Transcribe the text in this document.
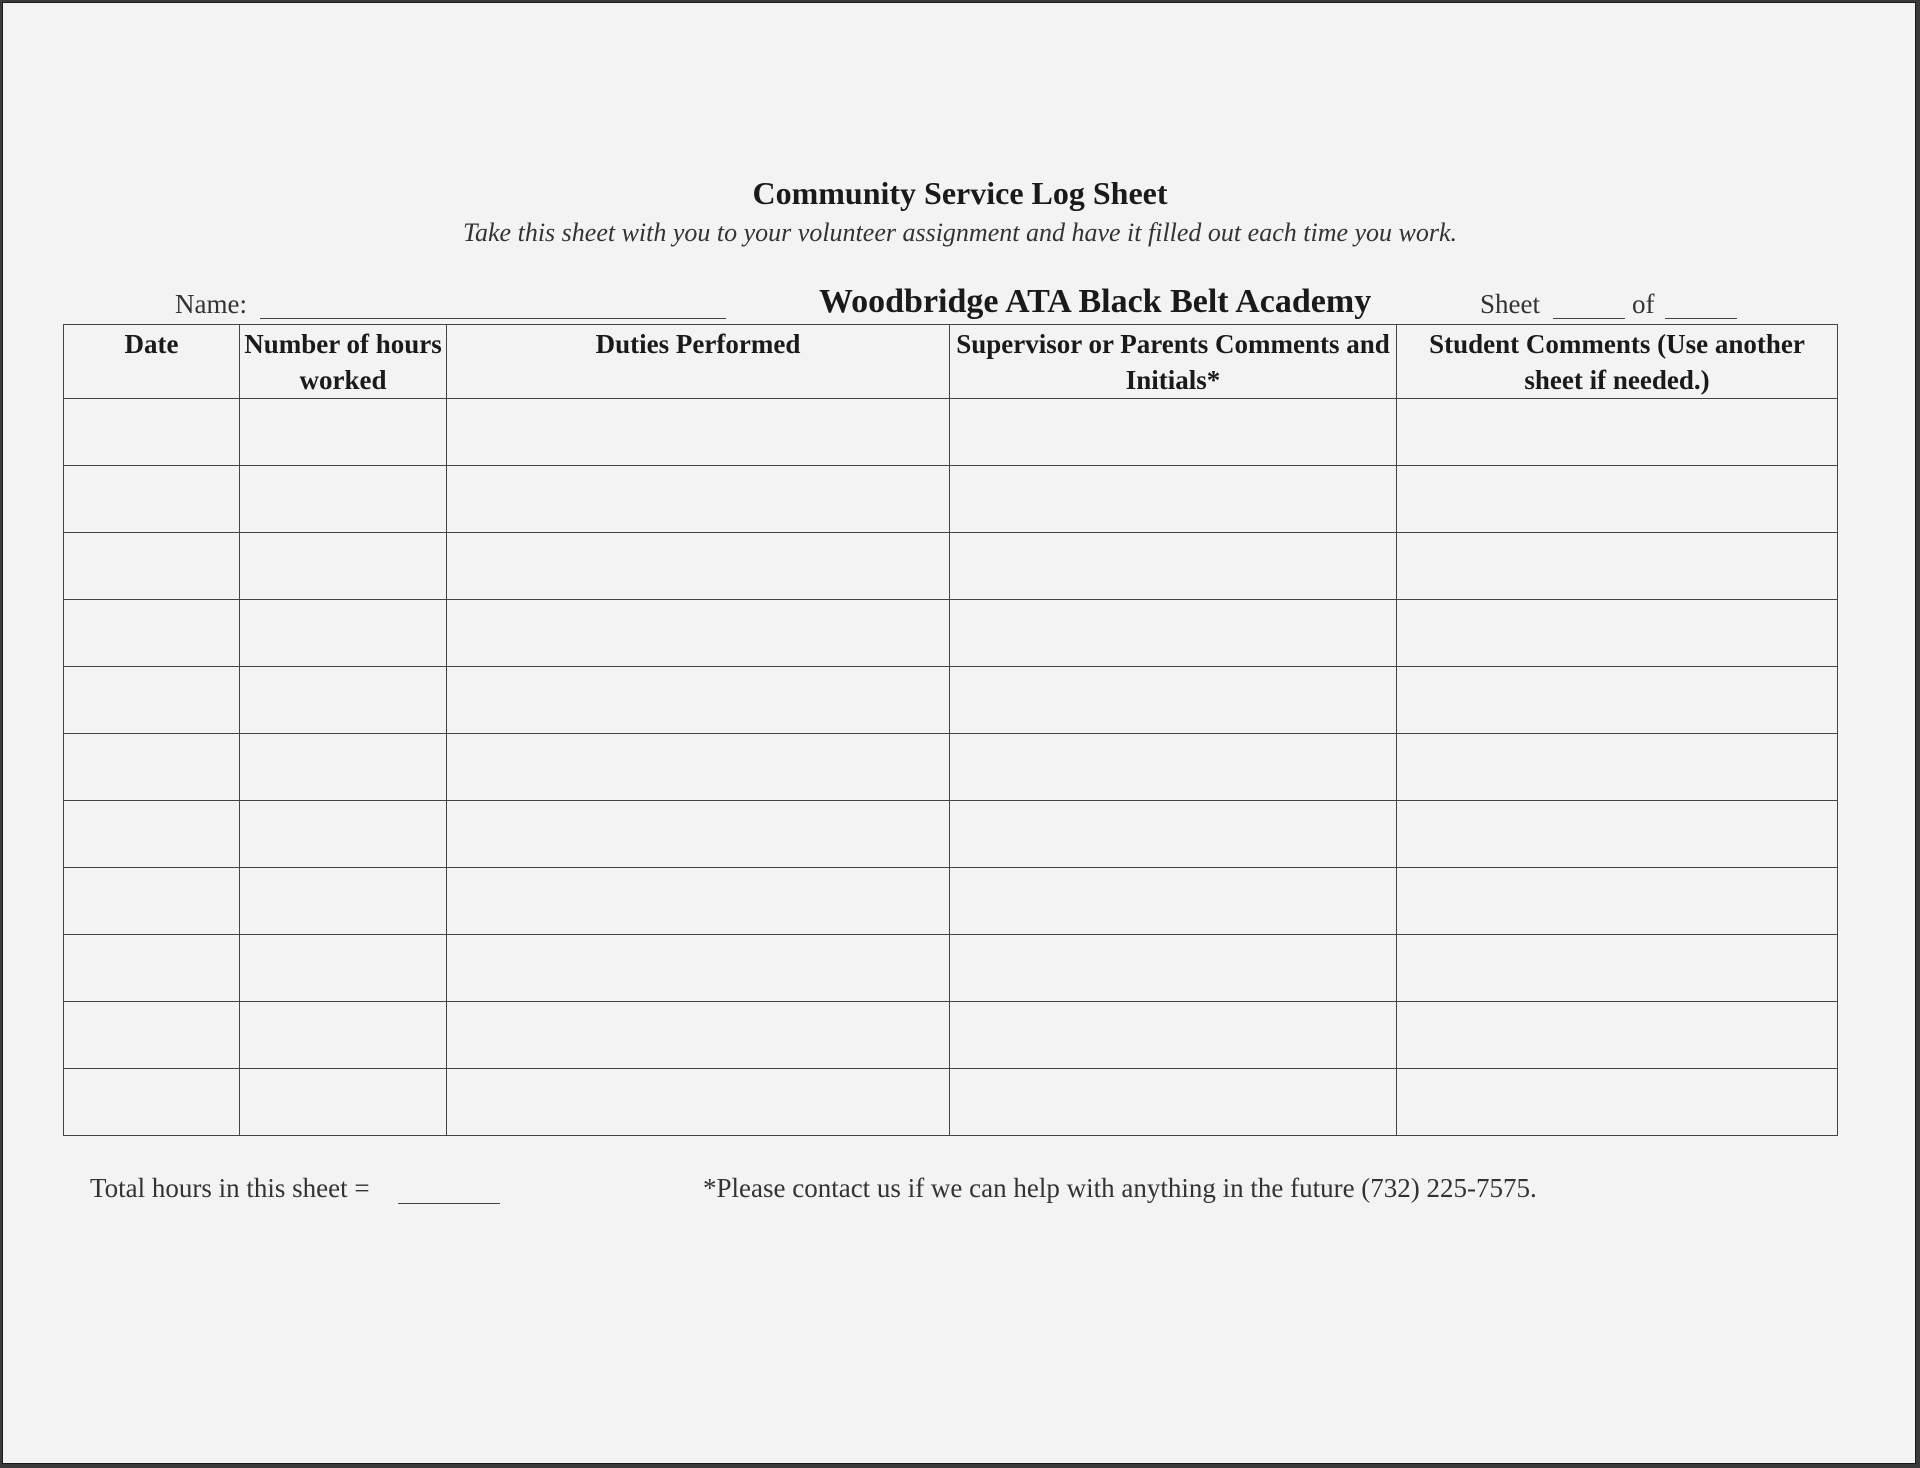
Community Service Log Sheet
Take this sheet with you to your volunteer assignment and have it filled out each time you work.
Name:	Woodbridge ATA Black Belt Academy	Sheet	of
Date	Number of hours worked	Duties Performed	Supervisor or Parents Comments and Initials*	Student Comments (Use another sheet if needed.)

Total hours in this sheet =	*Please contact us if we can help with anything in the future (732) 225-7575.
